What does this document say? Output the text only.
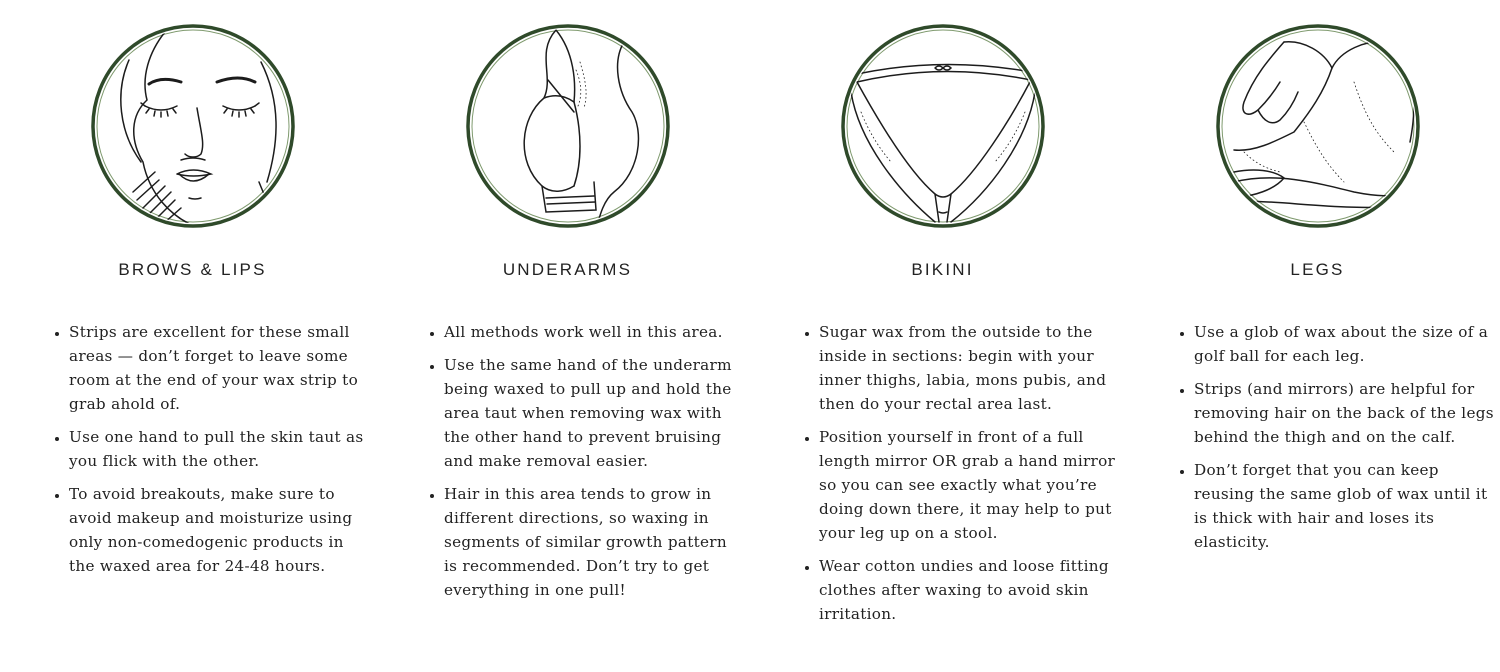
BROWS & LIPS
• Strips are excellent for these small areas — don’t forget to leave some room at the end of your wax strip to grab ahold of.
• Use one hand to pull the skin taut as you flick with the other.
• To avoid breakouts, make sure to avoid makeup and moisturize using only non-comedogenic products in the waxed area for 24-48 hours.
UNDERARMS
• All methods work well in this area.
• Use the same hand of the underarm being waxed to pull up and hold the area taut when removing wax with the other hand to prevent bruising and make removal easier.
• Hair in this area tends to grow in different directions, so waxing in segments of similar growth pattern is recommended. Don’t try to get everything in one pull!
BIKINI
• Sugar wax from the outside to the inside in sections: begin with your inner thighs, labia, mons pubis, and then do your rectal area last.
• Position yourself in front of a full length mirror OR grab a hand mirror so you can see exactly what you’re doing down there, it may help to put your leg up on a stool.
• Wear cotton undies and loose fitting clothes after waxing to avoid skin irritation.
LEGS
• Use a glob of wax about the size of a golf ball for each leg.
• Strips (and mirrors) are helpful for removing hair on the back of the legs behind the thigh and on the calf.
• Don’t forget that you can keep reusing the same glob of wax until it is thick with hair and loses its elasticity.
